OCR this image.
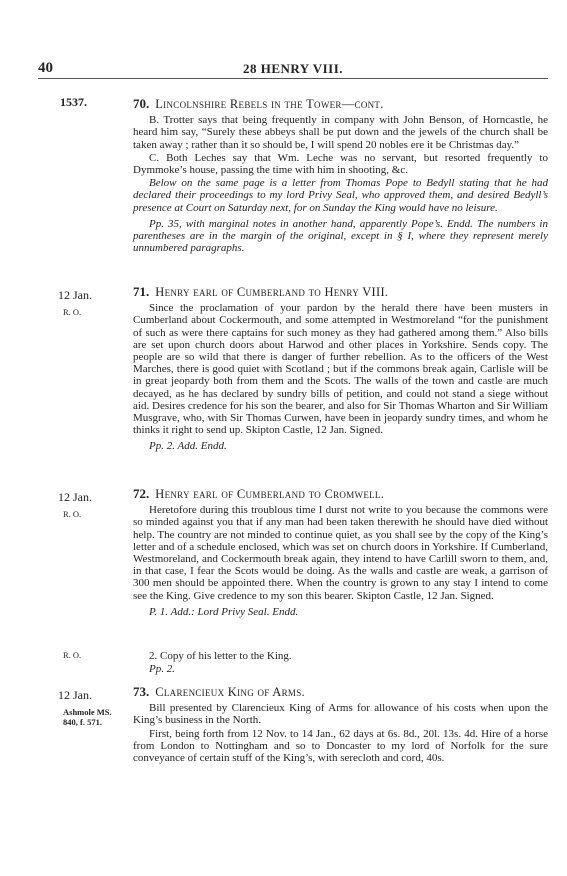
40	28 HENRY VIII.
1537.	70. Lincolnshire Rebels in the Tower—cont.

B. Trotter says that being frequently in company with John Benson, of Horncastle, he heard him say, “Surely these abbeys shall be put down and the jewels of the church shall be taken away ; rather than it so should be, I will spend 20 nobles ere it be Christmas day.”

C. Both Leches say that Wm. Leche was no servant, but resorted frequently to Dymmoke’s house, passing the time with him in shooting, &c.

Below on the same page is a letter from Thomas Pope to Bedyll stating that he had declared their proceedings to my lord Privy Seal, who approved them, and desired Bedyll’s presence at Court on Saturday next, for on Sunday the King would have no leisure.

Pp. 35, with marginal notes in another hand, apparently Pope’s. Endd. The numbers in parentheses are in the margin of the original, except in § I, where they represent merely unnumbered paragraphs.

12 Jan.
R. O.
71. Henry earl of Cumberland to Henry VIII.

Since the proclamation of your pardon by the herald there have been musters in Cumberland about Cockermouth, and some attempted in Westmoreland “for the punishment of such as were there captains for such money as they had gathered among them.” Also bills are set upon church doors about Harwod and other places in Yorkshire. Sends copy. The people are so wild that there is danger of further rebellion. As to the officers of the West Marches, there is good quiet with Scotland ; but if the commons break again, Carlisle will be in great jeopardy both from them and the Scots. The walls of the town and castle are much decayed, as he has declared by sundry bills of petition, and could not stand a siege without aid. Desires credence for his son the bearer, and also for Sir Thomas Wharton and Sir William Musgrave, who, with Sir Thomas Curwen, have been in jeopardy sundry times, and whom he thinks it right to send up. Skipton Castle, 12 Jan. Signed.

Pp. 2. Add. Endd.

12 Jan.
R. O.
72. Henry earl of Cumberland to Cromwell.

Heretofore during this troublous time I durst not write to you because the commons were so minded against you that if any man had been taken therewith he should have died without help. The country are not minded to continue quiet, as you shall see by the copy of the King’s letter and of a schedule enclosed, which was set on church doors in Yorkshire. If Cumberland, Westmoreland, and Cockermouth break again, they intend to have Carlill sworn to them, and, in that case, I fear the Scots would be doing. As the walls and castle are weak, a garrison of 300 men should be appointed there. When the country is grown to any stay I intend to come see the King. Give credence to my son this bearer. Skipton Castle, 12 Jan. Signed.

P. 1. Add.: Lord Privy Seal. Endd.

R. O.	2. Copy of his letter to the King.

Pp. 2.

12 Jan.
Ashmole MS. 840, f. 571.
73. Clarencieux King of Arms.

Bill presented by Clarencieux King of Arms for allowance of his costs when upon the King’s business in the North.

First, being forth from 12 Nov. to 14 Jan., 62 days at 6s. 8d., 20l. 13s. 4d. Hire of a horse from London to Nottingham and so to Doncaster to my lord of Norfolk for the sure conveyance of certain stuff of the King’s, with serecloth and cord, 40s.
